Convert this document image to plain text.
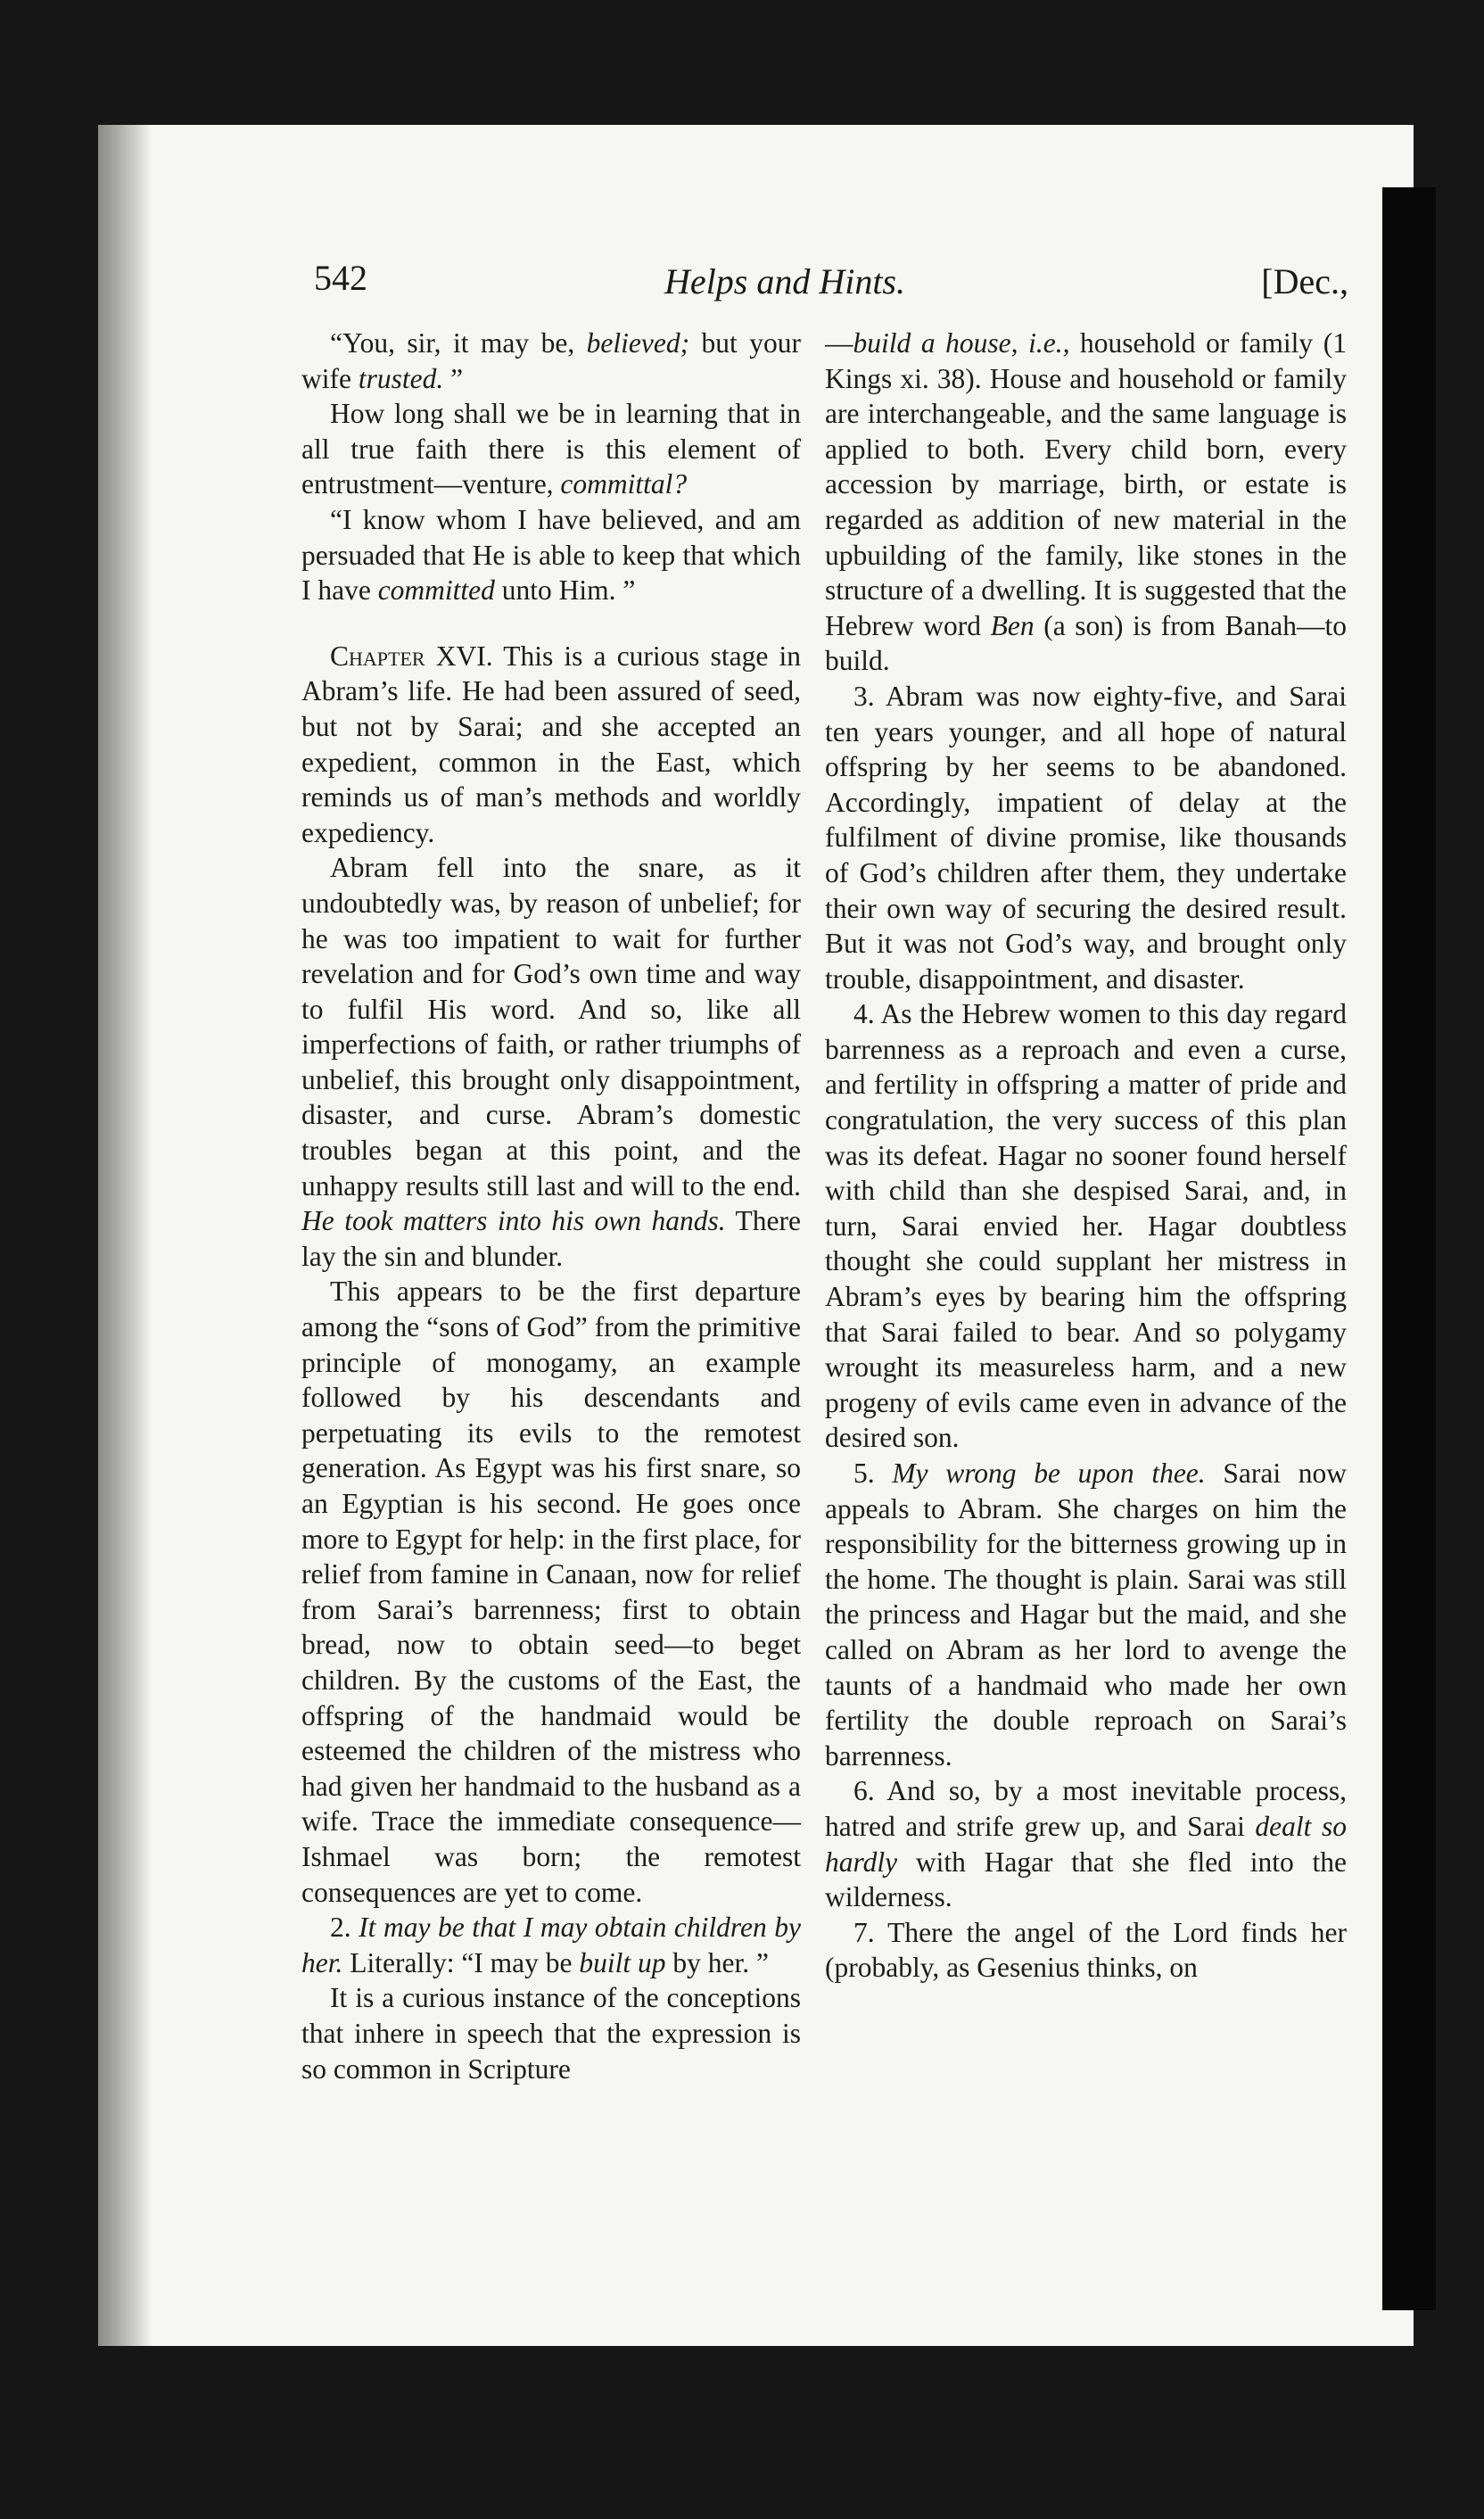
542	Helps and Hints.	[Dec.,

“You, sir, it may be, believed; but your wife trusted. ”

How long shall we be in learning that in all true faith there is this element of entrustment—venture, committal?

“I know whom I have believed, and am persuaded that He is able to keep that which I have committed unto Him. ”

Chapter XVI. This is a curious stage in Abram’s life. He had been assured of seed, but not by Sarai; and she accepted an expedient, common in the East, which reminds us of man’s methods and worldly expediency.

Abram fell into the snare, as it undoubtedly was, by reason of unbelief; for he was too impatient to wait for further revelation and for God’s own time and way to fulfil His word. And so, like all imperfections of faith, or rather triumphs of unbelief, this brought only disappointment, disaster, and curse. Abram’s domestic troubles began at this point, and the unhappy results still last and will to the end. He took matters into his own hands. There lay the sin and blunder.

This appears to be the first departure among the “sons of God” from the primitive principle of monogamy, an example followed by his descendants and perpetuating its evils to the remotest generation. As Egypt was his first snare, so an Egyptian is his second. He goes once more to Egypt for help: in the first place, for relief from famine in Canaan, now for relief from Sarai’s barrenness; first to obtain bread, now to obtain seed—to beget children. By the customs of the East, the offspring of the handmaid would be esteemed the children of the mistress who had given her handmaid to the husband as a wife. Trace the immediate consequence—Ishmael was born; the remotest consequences are yet to come.

2. It may be that I may obtain children by her. Literally: “I may be built up by her. ”

It is a curious instance of the conceptions that inhere in speech that the expression is so common in Scripture

—build a house, i.e., household or family (1 Kings xi. 38). House and household or family are interchangeable, and the same language is applied to both. Every child born, every accession by marriage, birth, or estate is regarded as addition of new material in the upbuilding of the family, like stones in the structure of a dwelling. It is suggested that the Hebrew word Ben (a son) is from Banah—to build.

3. Abram was now eighty-five, and Sarai ten years younger, and all hope of natural offspring by her seems to be abandoned. Accordingly, impatient of delay at the fulfilment of divine promise, like thousands of God’s children after them, they undertake their own way of securing the desired result. But it was not God’s way, and brought only trouble, disappointment, and disaster.

4. As the Hebrew women to this day regard barrenness as a reproach and even a curse, and fertility in offspring a matter of pride and congratulation, the very success of this plan was its defeat. Hagar no sooner found herself with child than she despised Sarai, and, in turn, Sarai envied her. Hagar doubtless thought she could supplant her mistress in Abram’s eyes by bearing him the offspring that Sarai failed to bear. And so polygamy wrought its measureless harm, and a new progeny of evils came even in advance of the desired son.

5. My wrong be upon thee. Sarai now appeals to Abram. She charges on him the responsibility for the bitterness growing up in the home. The thought is plain. Sarai was still the princess and Hagar but the maid, and she called on Abram as her lord to avenge the taunts of a handmaid who made her own fertility the double reproach on Sarai’s barrenness.

6. And so, by a most inevitable process, hatred and strife grew up, and Sarai dealt so hardly with Hagar that she fled into the wilderness.

7. There the angel of the Lord finds her (probably, as Gesenius thinks, on
